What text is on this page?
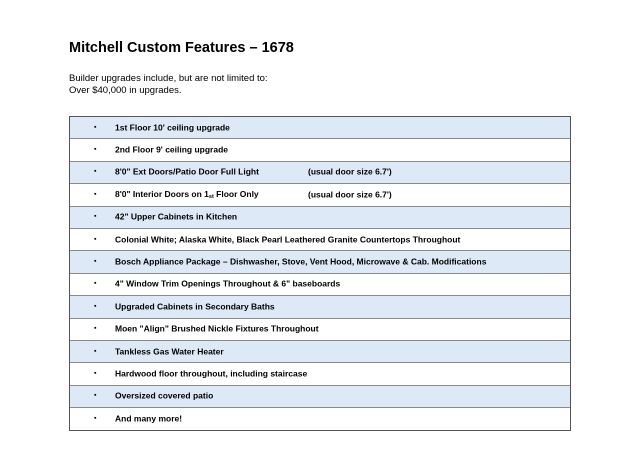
Mitchell Custom Features – 1678
Builder upgrades include, but are not limited to:
Over $40,000 in upgrades.
▪ 1st Floor 10' ceiling upgrade
▪ 2nd Floor 9' ceiling upgrade
▪ 8'0" Ext Doors/Patio Door Full Light	(usual door size 6.7')
▪ 8'0" Interior Doors on 1st Floor Only	(usual door size 6.7')
▪ 42" Upper Cabinets in Kitchen
▪ Colonial White; Alaska White, Black Pearl Leathered Granite Countertops Throughout
▪ Bosch Appliance Package – Dishwasher, Stove, Vent Hood, Microwave & Cab. Modifications
▪ 4" Window Trim Openings Throughout & 6" baseboards
▪ Upgraded Cabinets in Secondary Baths
▪ Moen "Align" Brushed Nickle Fixtures Throughout
▪ Tankless Gas Water Heater
▪ Hardwood floor throughout, including staircase
▪ Oversized covered patio
▪ And many more!
